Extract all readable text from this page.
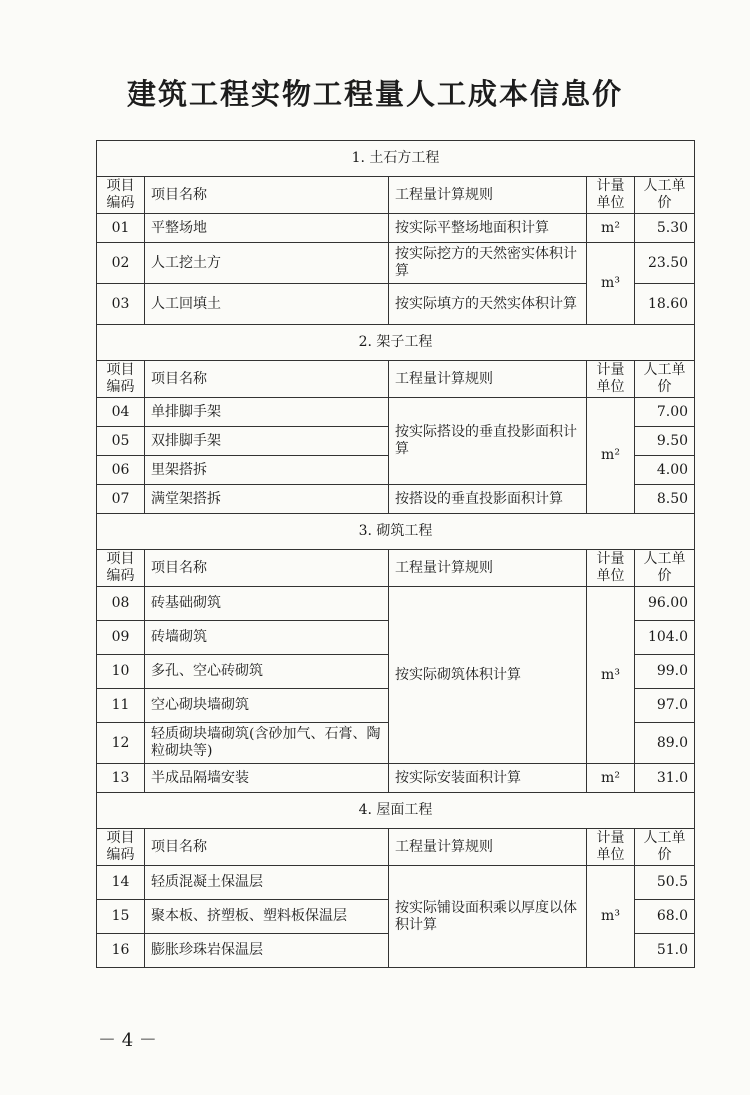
建筑工程实物工程量人工成本信息价
1. 土石方工程				
项目编码	项目名称	工程量计算规则	计量单位	人工单价
01	平整场地	按实际平整场地面积计算	m²	5.30
02	人工挖土方	按实际挖方的天然密实体积计算	m³	23.50
03	人工回填土	按实际填方的天然实体积计算		18.60
2. 架子工程				
项目编码	项目名称	工程量计算规则	计量单位	人工单价
04	单排脚手架	按实际搭设的垂直投影面积计算	m²	7.00
05	双排脚手架			9.50
06	里架搭拆			4.00
07	满堂架搭拆	按搭设的垂直投影面积计算		8.50
3. 砌筑工程				
项目编码	项目名称	工程量计算规则	计量单位	人工单价
08	砖基础砌筑	按实际砌筑体积计算	m³	96.00
09	砖墙砌筑			104.0
10	多孔、空心砖砌筑			99.0
11	空心砌块墙砌筑			97.0
12	轻质砌块墙砌筑(含砂加气、石膏、陶粒砌块等)			89.0
13	半成品隔墙安装	按实际安装面积计算	m²	31.0
4. 屋面工程				
项目编码	项目名称	工程量计算规则	计量单位	人工单价
14	轻质混凝土保温层	按实际铺设面积乘以厚度以体积计算	m³	50.5
15	聚本板、挤塑板、塑料板保温层			68.0
16	膨胀珍珠岩保温层			51.0
－ 4 －
